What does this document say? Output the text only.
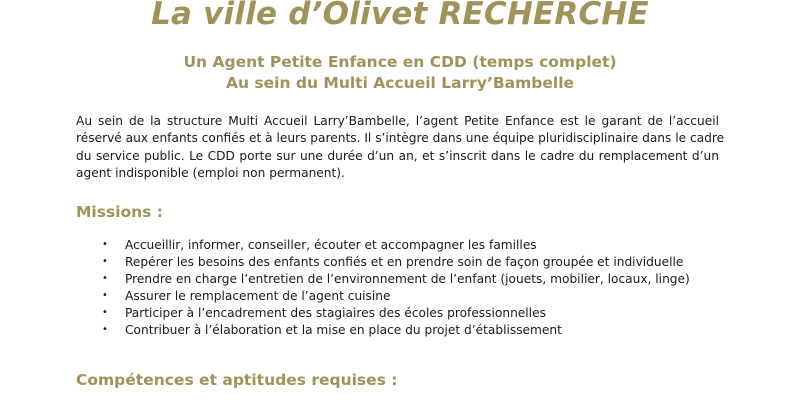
La ville d’Olivet RECHERCHE
Un Agent Petite Enfance en CDD (temps complet)
Au sein du Multi Accueil Larry’Bambelle
Au sein de la structure Multi Accueil Larry’Bambelle, l’agent Petite Enfance est le garant de l’accueil
réservé aux enfants confiés et à leurs parents. Il s’intègre dans une équipe pluridisciplinaire dans le cadre
du service public. Le CDD porte sur une durée d’un an, et s’inscrit dans le cadre du remplacement d’un
agent indisponible (emploi non permanent).
Missions :
• Accueillir, informer, conseiller, écouter et accompagner les familles
• Repérer les besoins des enfants confiés et en prendre soin de façon groupée et individuelle
• Prendre en charge l’entretien de l’environnement de l’enfant (jouets, mobilier, locaux, linge)
• Assurer le remplacement de l’agent cuisine
• Participer à l’encadrement des stagiaires des écoles professionnelles
• Contribuer à l’élaboration et la mise en place du projet d’établissement
Compétences et aptitudes requises :
